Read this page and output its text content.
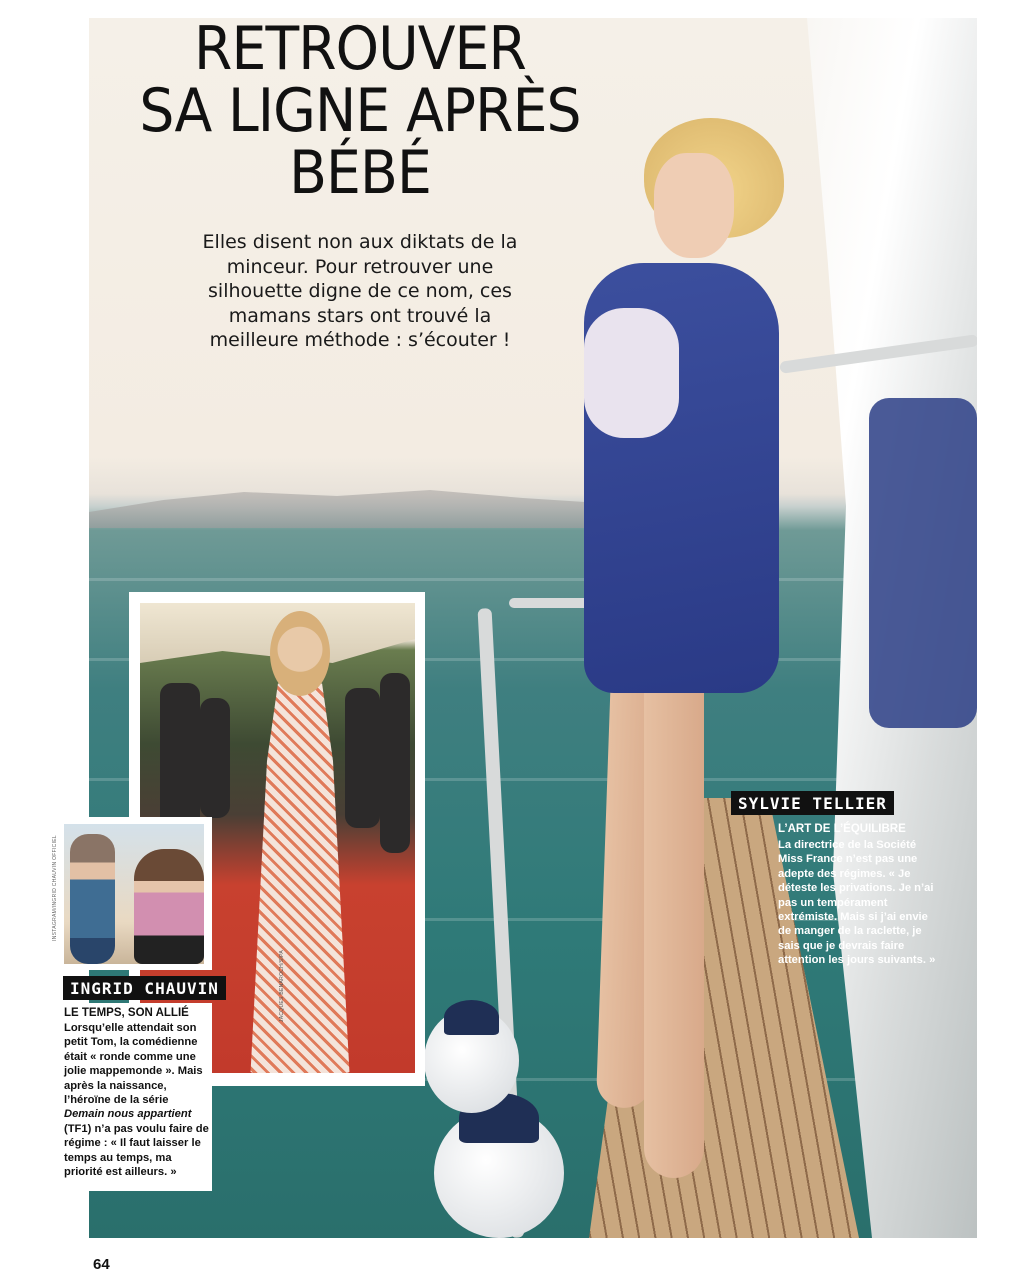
RETROUVER
SA LIGNE APRÈS
BÉBÉ

Elles disent non aux diktats de la minceur. Pour retrouver une silhouette digne de ce nom, ces mamans stars ont trouvé la meilleure méthode : s’écouter !

JACQUES BENAROCH/SIPA
INSTAGRAM/INGRID CHAUVIN OFFICIEL
INGRID CHAUVIN

LE TEMPS, SON ALLIÉ

Lorsqu’elle attendait son petit Tom, la comédienne était « ronde comme une jolie mappemonde ». Mais après la naissance, l’héroïne de la série Demain nous appartient (TF1) n’a pas voulu faire de régime : « Il faut laisser le temps au temps, ma priorité est ailleurs. »

SYLVIE TELLIER

L’ART DE L’ÉQUILIBRE

La directrice de la Société Miss France n’est pas une adepte des régimes. « Je déteste les privations. Je n’ai pas un tempérament extrémiste. Mais si j’ai envie de manger de la raclette, je sais que je devrais faire attention les jours suivants. »

64
